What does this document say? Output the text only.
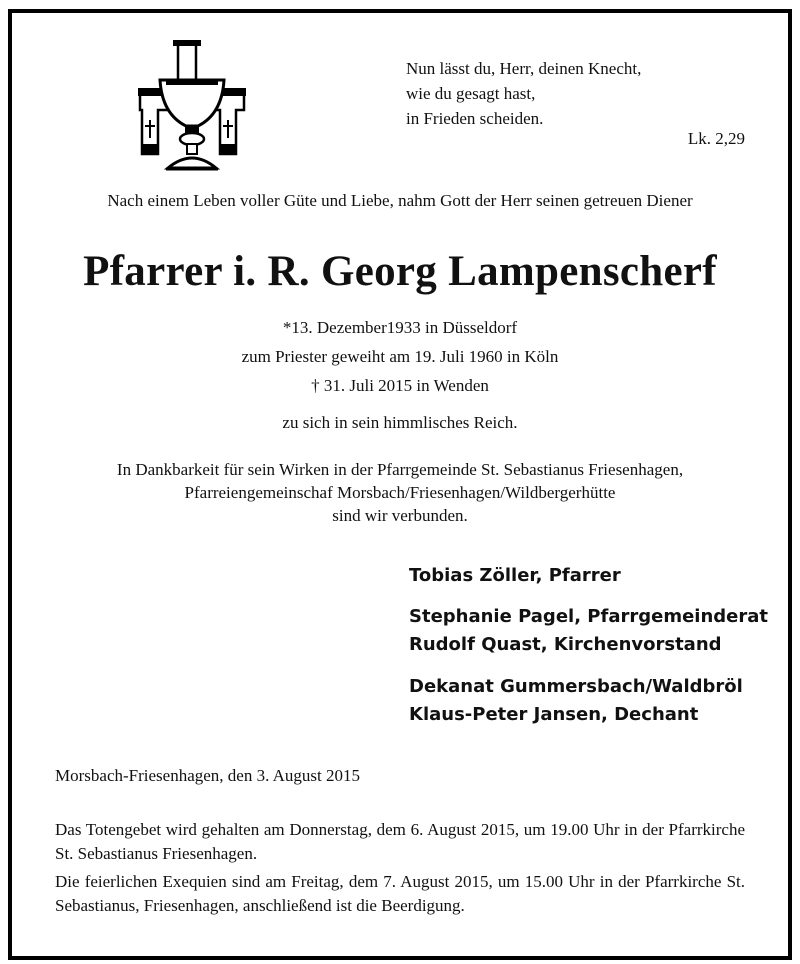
Nun lässt du, Herr, deinen Knecht,
wie du gesagt hast,
in Frieden scheiden.
Lk. 2,29
Nach einem Leben voller Güte und Liebe, nahm Gott der Herr seinen getreuen Diener
Pfarrer i. R. Georg Lampenscherf
*13. Dezember1933 in Düsseldorf
zum Priester geweiht am 19. Juli 1960 in Köln
† 31. Juli 2015 in Wenden
zu sich in sein himmlisches Reich.
In Dankbarkeit für sein Wirken in der Pfarrgemeinde St. Sebastianus Friesenhagen,
Pfarreiengemeinschaf Morsbach/Friesenhagen/Wildbergerhütte
sind wir verbunden.
Tobias Zöller, Pfarrer
Stephanie Pagel, Pfarrgemeinderat
Rudolf Quast, Kirchenvorstand
Dekanat Gummersbach/Waldbröl
Klaus-Peter Jansen, Dechant
Morsbach-Friesenhagen, den 3. August 2015
Das Totengebet wird gehalten am Donnerstag, dem 6. August 2015, um 19.00 Uhr in der Pfarrkirche St. Sebastianus Friesenhagen.
Die feierlichen Exequien sind am Freitag, dem 7. August 2015, um 15.00 Uhr in der Pfarrkirche St. Sebastianus, Friesenhagen, anschließend ist die Beerdigung.
